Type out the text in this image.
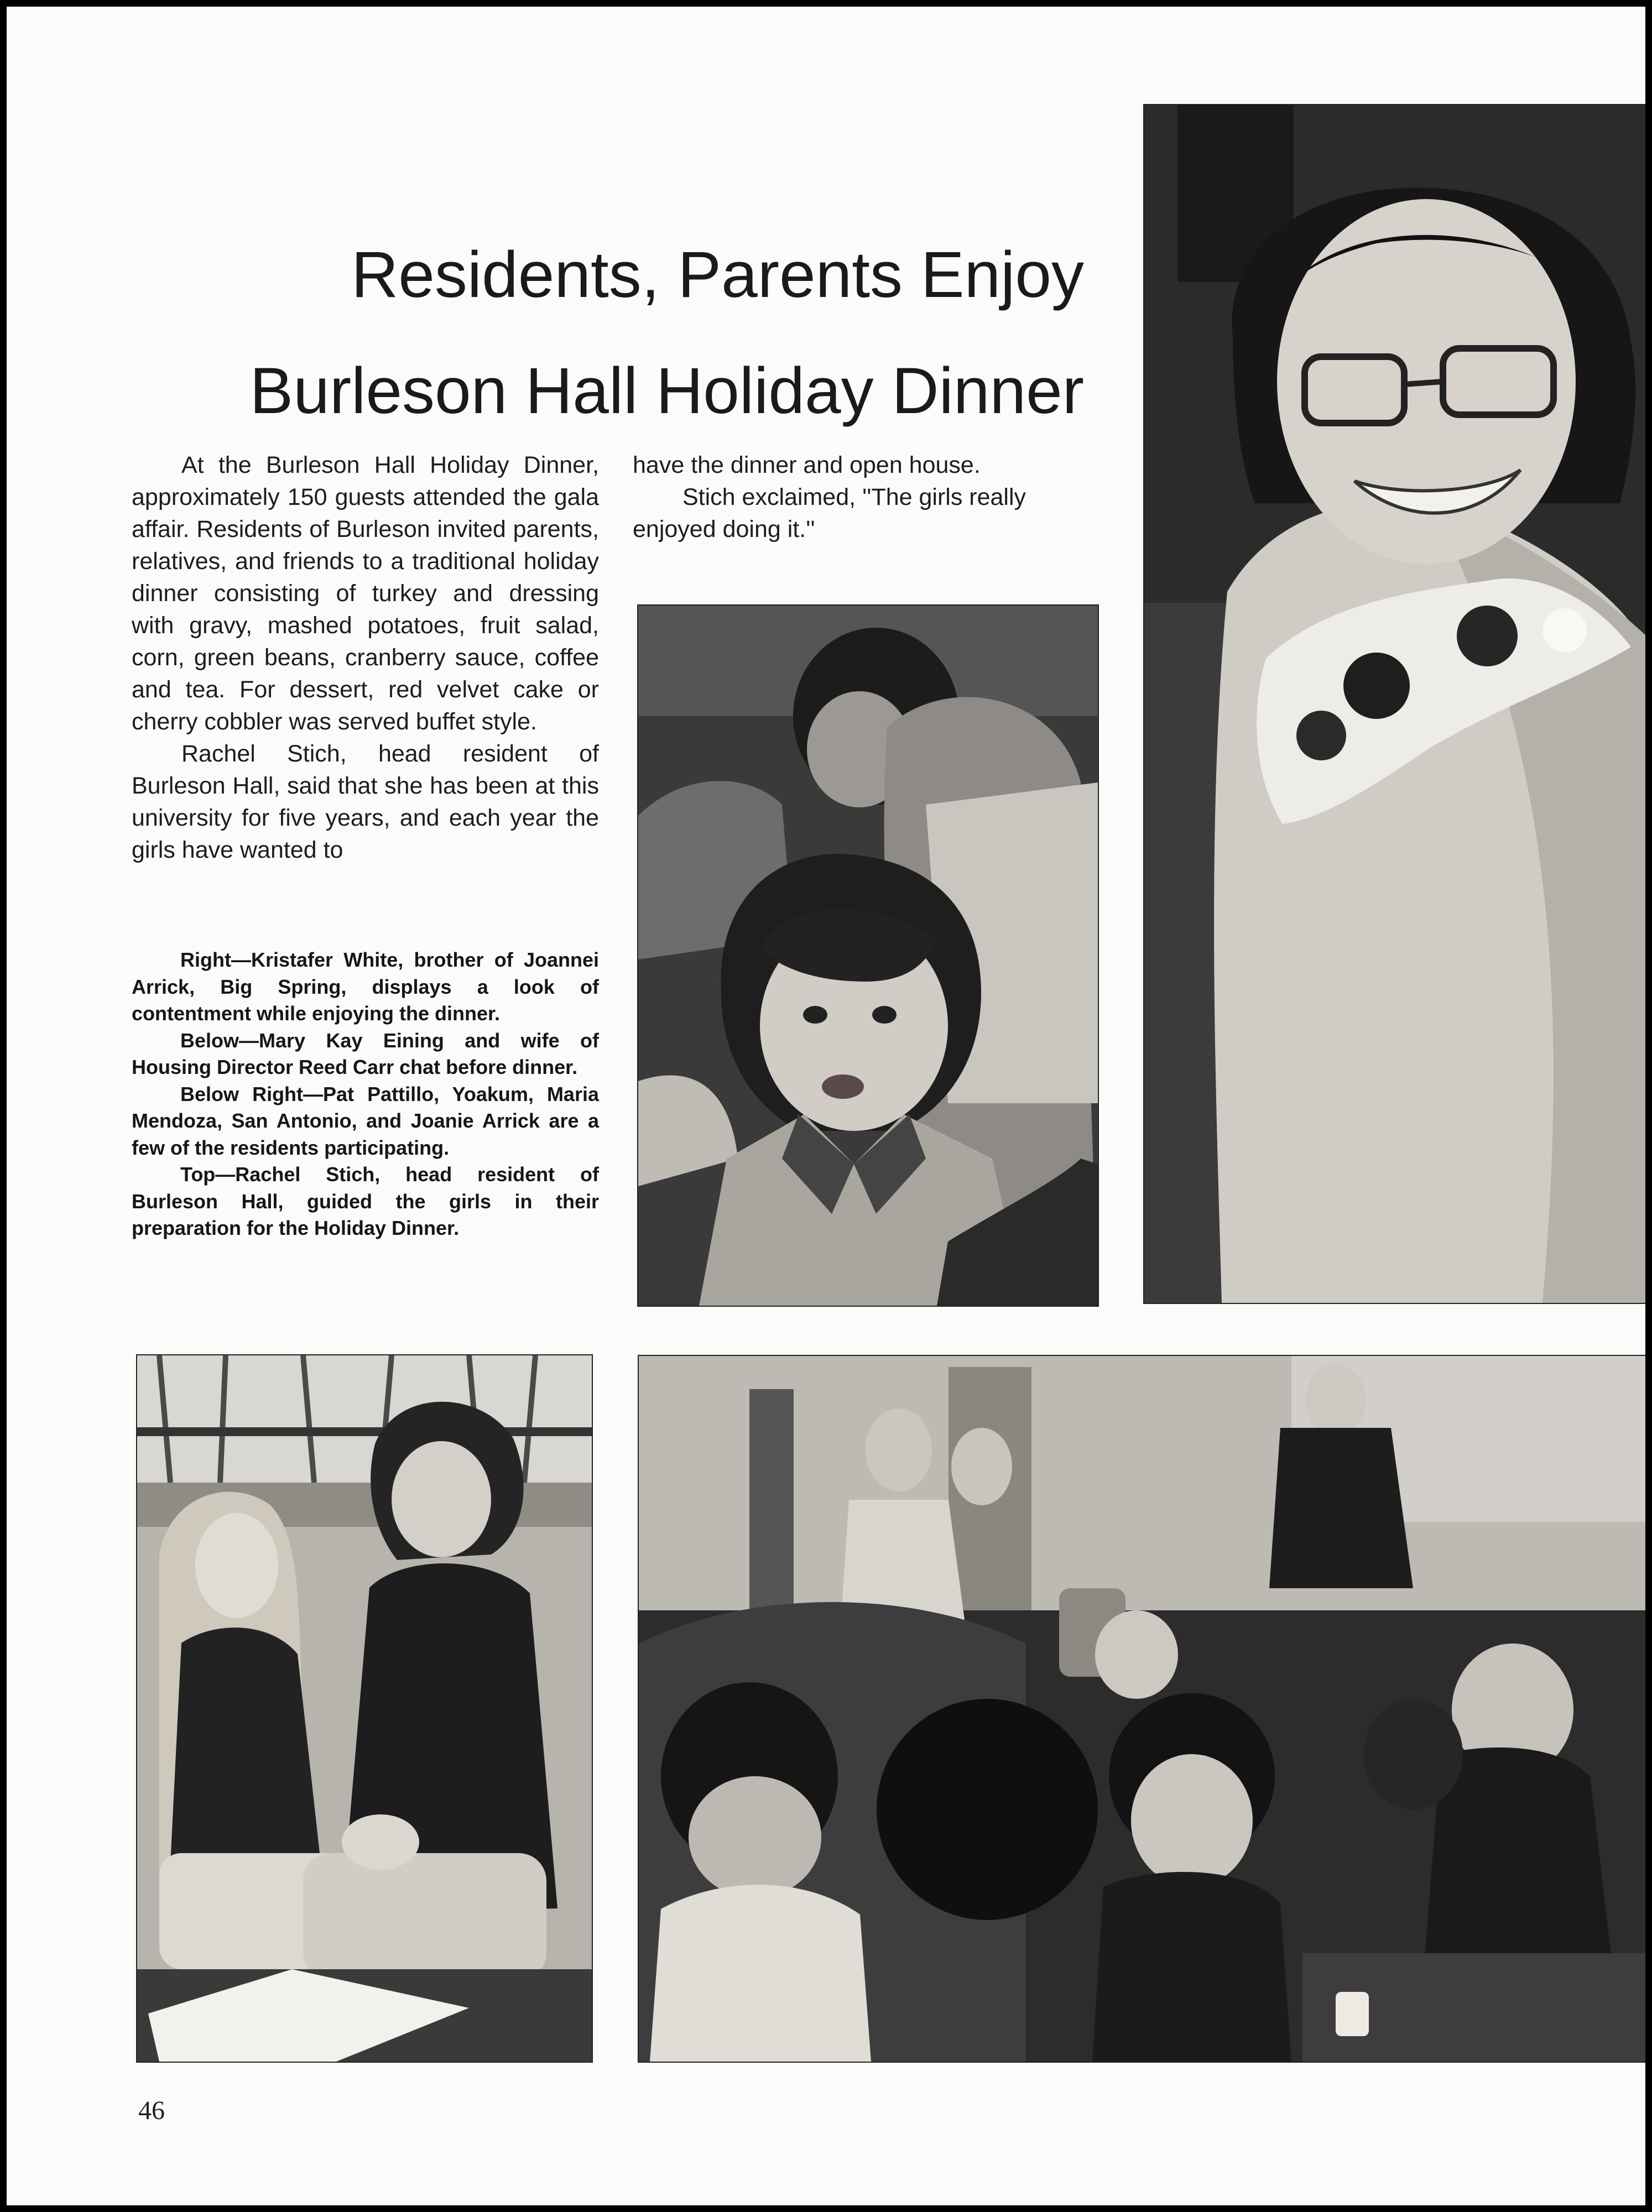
Residents, Parents Enjoy
Burleson Hall Holiday Dinner

At the Burleson Hall Holiday Dinner, approximately 150 guests attended the gala affair. Residents of Burleson invited parents, relatives, and friends to a traditional holiday dinner consisting of turkey and dressing with gravy, mashed potatoes, fruit salad, corn, green beans, cranberry sauce, coffee and tea. For dessert, red velvet cake or cherry cobbler was served buffet style.

Rachel Stich, head resident of Burleson Hall, said that she has been at this university for five years, and each year the girls have wanted to

have the dinner and open house.

Stich exclaimed, ''The girls really enjoyed doing it.''

Right—Kristafer White, brother of Joannei Arrick, Big Spring, displays a look of contentment while enjoying the dinner.

Below—Mary Kay Eining and wife of Housing Director Reed Carr chat before dinner.

Below Right—Pat Pattillo, Yoakum, Maria Mendoza, San Antonio, and Joanie Arrick are a few of the residents participating.

Top—Rachel Stich, head resident of Burleson Hall, guided the girls in their preparation for the Holiday Dinner.

46
